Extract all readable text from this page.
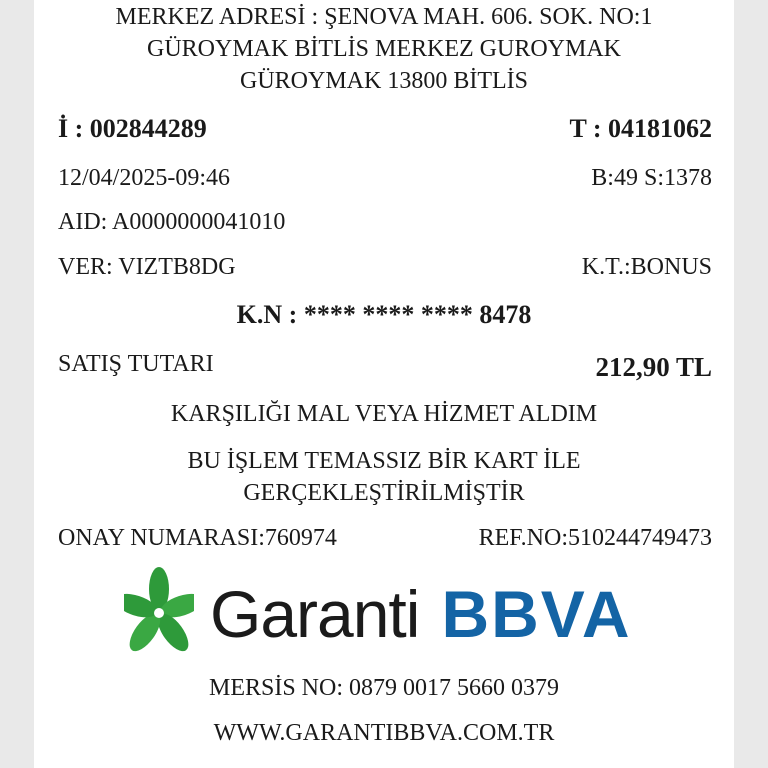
MERKEZ ADRESİ : ŞENOVA MAH. 606. SOK. NO:1
GÜROYMAK BİTLİS MERKEZ GUROYMAK
GÜROYMAK 13800 BİTLİS
İ : 002844289	T : 04181062
12/04/2025-09:46	B:49 S:1378
AID: A0000000041010
VER: VIZTB8DG	K.T.:BONUS
K.N : **** **** **** 8478
SATIŞ TUTARI	212,90 TL
KARŞILIĞI MAL VEYA HİZMET ALDIM
BU İŞLEM TEMASSIZ BİR KART İLE
GERÇEKLEŞTİRİLMİŞTİR
ONAY NUMARASI:760974	REF.NO:510244749473
Garanti BBVA
MERSİS NO: 0879 0017 5660 0379
WWW.GARANTIBBVA.COM.TR
